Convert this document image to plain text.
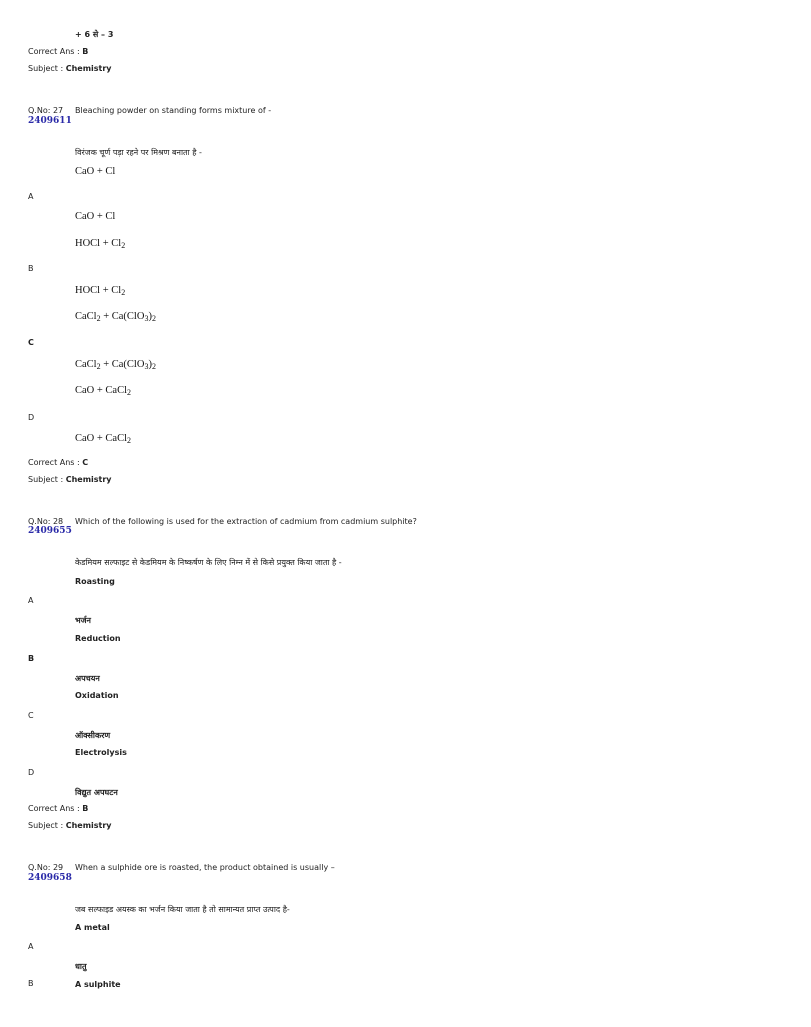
+ 6 से – 3
Correct Ans : B
Subject : Chemistry
Q.No: 27 Bleaching powder on standing forms mixture of -
2409611
विरंजक चूर्ण पड़ा रहने पर मिश्रण बनाता है -
CaO + Cl
A
CaO + Cl
HOCl + $Cl_2$
B
HOCl + $Cl_2$
CaCl$_2$ + $Ca(ClO_3)_2$
C
CaCl$_2$ + $Ca(ClO_3)_2$
CaO + CaCl$_2$
D
CaO + CaCl$_2$
Correct Ans : C
Subject : Chemistry
Q.No: 28 Which of the following is used for the extraction of cadmium from cadmium sulphite?
2409655
केडमियम सल्फाइट से केडमियम के निष्कर्षण के लिए निम्न में से किसे प्रयुक्त किया जाता है -
Roasting
A
भर्जन
Reduction
B
अपचयन
Oxidation
C
ऑक्सीकरण
Electrolysis
D
विद्युत अपघटन
Correct Ans : B
Subject : Chemistry
Q.No: 29 When a sulphide ore is roasted, the product obtained is usually –
2409658
जब सल्फाइड अयस्क का भर्जन किया जाता है तो सामान्यत प्राप्त उत्पाद है-
A metal
A
धातु
B	A sulphite
